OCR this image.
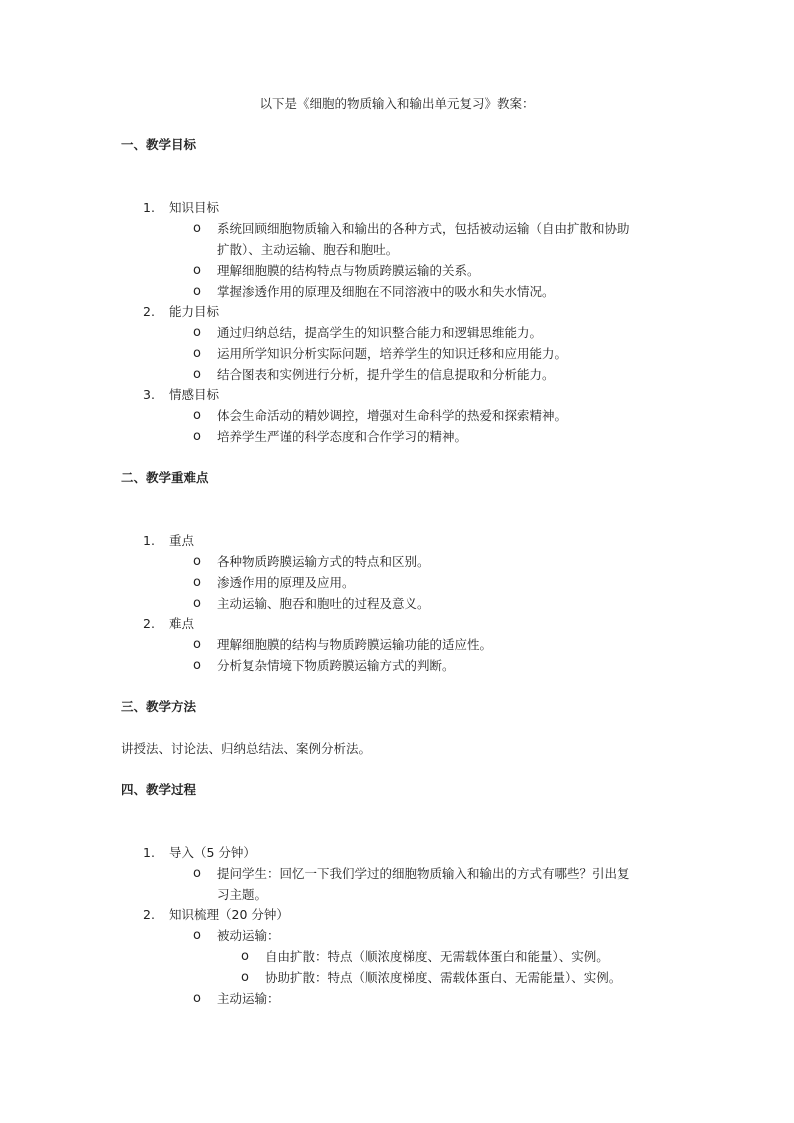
以下是《细胞的物质输入和输出单元复习》教案：
一、教学目标
1. 知识目标
o 系统回顾细胞物质输入和输出的各种方式，包括被动运输（自由扩散和协助
扩散）、主动运输、胞吞和胞吐。
o 理解细胞膜的结构特点与物质跨膜运输的关系。
o 掌握渗透作用的原理及细胞在不同溶液中的吸水和失水情况。
2. 能力目标
o 通过归纳总结，提高学生的知识整合能力和逻辑思维能力。
o 运用所学知识分析实际问题，培养学生的知识迁移和应用能力。
o 结合图表和实例进行分析，提升学生的信息提取和分析能力。
3. 情感目标
o 体会生命活动的精妙调控，增强对生命科学的热爱和探索精神。
o 培养学生严谨的科学态度和合作学习的精神。
二、教学重难点
1. 重点
o 各种物质跨膜运输方式的特点和区别。
o 渗透作用的原理及应用。
o 主动运输、胞吞和胞吐的过程及意义。
2. 难点
o 理解细胞膜的结构与物质跨膜运输功能的适应性。
o 分析复杂情境下物质跨膜运输方式的判断。
三、教学方法
讲授法、讨论法、归纳总结法、案例分析法。
四、教学过程
1. 导入（5 分钟）
o 提问学生：回忆一下我们学过的细胞物质输入和输出的方式有哪些？引出复
习主题。
2. 知识梳理（20 分钟）
o 被动运输：
o 自由扩散：特点（顺浓度梯度、无需载体蛋白和能量）、实例。
o 协助扩散：特点（顺浓度梯度、需载体蛋白、无需能量）、实例。
o 主动运输：
